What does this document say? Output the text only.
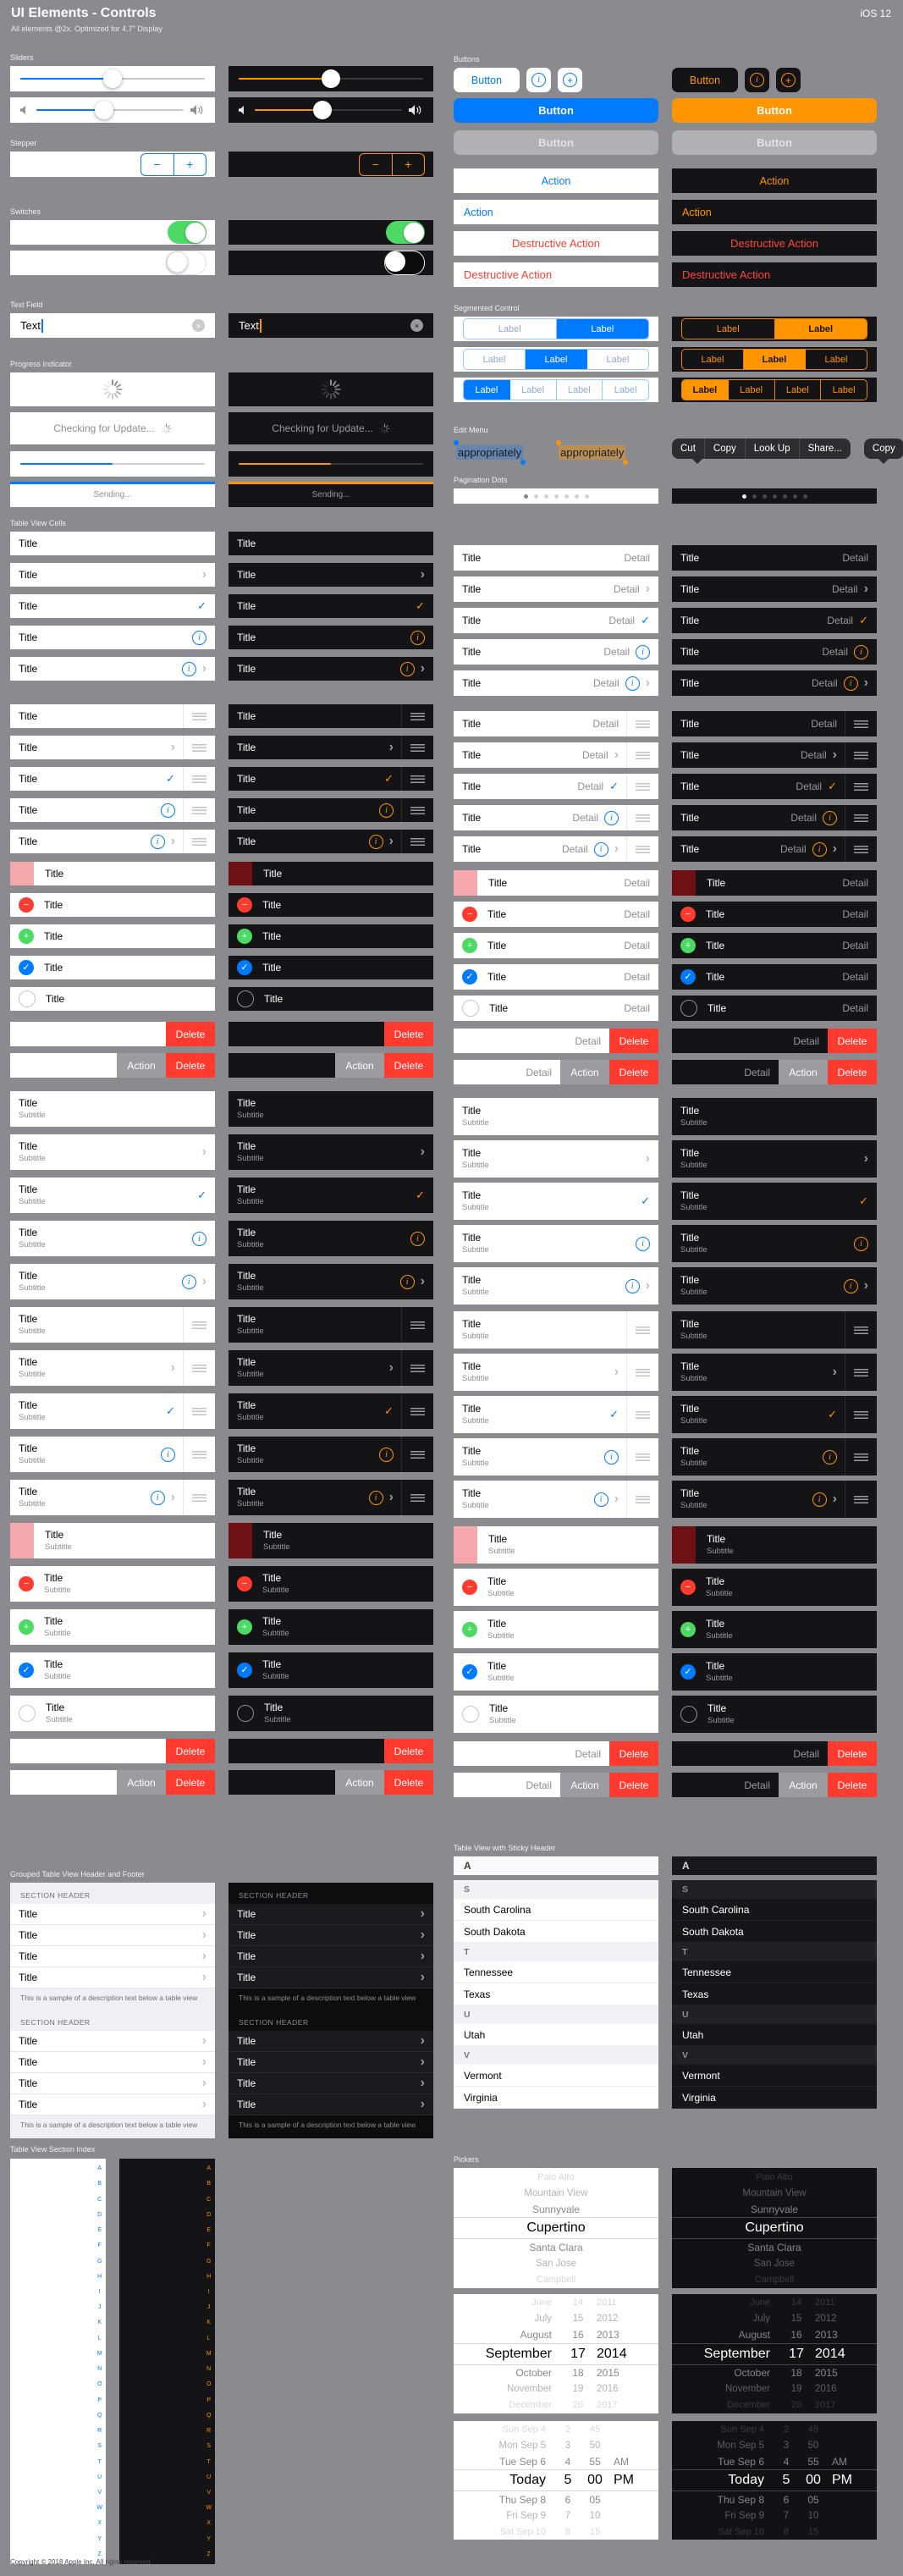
UI Elements - Controls
All elements @2x. Optimized for 4.7" Display
iOS 12
Sliders
Stepper
−	+
Switches
Text Field
Text	×
Progress Indicator
Checking for Update...
Sending...
Table View Cells
Title
Title	›
Title	✓
Title	i
Title	i ›
Title
Title	›
Title	✓
Title	i
Title	i ›
Title
−	Title
+	Title
✓	Title
Title
Delete
Action	Delete
Title
Subtitle
Title
Subtitle	›
Title
Subtitle
✓
Title
Subtitle
i
Title
Subtitle
i ›
Title
Subtitle
Title
Subtitle	›
Title
Subtitle
✓
Title
Subtitle
i
Title
Subtitle
i ›
Title
Subtitle
−	Title
Subtitle
+	Title
Subtitle
✓	Title
Subtitle
Title
Subtitle
Delete
Action	Delete
Grouped Table View Header and Footer
SECTION HEADER
Title	›
Title	›
Title	›
Title	›
This is a sample of a description text below a table view
SECTION HEADER
Title	›
Title	›
Title	›
Title	›
This is a sample of a description text below a table view
Table View Section Index
A
B
C
D
E
F
G
H
I
J
K
L
M
N
O
P
Q
R
S
T
U
V
W
X
Y
Z
A
B
C
D
E
F
G
H
I
J
K
L
M
N
O
P
Q
R
S
T
U
V
W
X
Y
Z
Buttons
Button	i	+
Button
Button
Action
Action
Destructive Action
Destructive Action
Segmented Control
Label	Label
Label	Label	Label
Label	Label	Label	Label
Edit Menu
appropriately	appropriately
Pagination Dots
Title	Detail
Title	Detail ›
Title	Detail ✓
Title	Detail	i
Title	Detail	i ›
Title	Detail
Title	Detail ›
Title	Detail ✓
Title	Detail	i
Title	Detail	i ›
Title	Detail
−	Title	Detail
+	Title	Detail
✓	Title	Detail
Title	Detail
Detail	Delete
Detail	Action	Delete
Title
Subtitle
Title
Subtitle	›
Title
Subtitle
✓
Title
Subtitle
i
Title
Subtitle
i ›
Title
Subtitle
Title
Subtitle	›
Title
Subtitle
✓
Title
Subtitle
i
Title
Subtitle
i ›
Title
Subtitle
−	Title
Subtitle
+	Title
Subtitle
✓	Title
Subtitle
Title
Subtitle
Detail	Delete
Detail	Action	Delete
Table View with Sticky Header
A
S
South Carolina
South Dakota
T
Tennessee
Texas
U
Utah
V
Vermont
Virginia
Pickers
Palo Alto
Mountain View
Sunnyvale
Cupertino
Santa Clara
San Jose
Campbell
June	14	2011
July	15	2012
August	16	2013
September	17 2014
October	18	2015
November	19	2016
December	20	2017
Sun Sep 4	2	45
Mon Sep 5	3	50
Tue Sep 6	4	55	AM
Today	5	00 PM
Thu Sep 8	6	05
Fri Sep 9	7	10
Sat Sep 10	8	15
Copyright © 2018 Apple Inc. All rights reserved.
−	+
Text	×
Checking for Update...
Sending...
Title
Title	›
Title	✓
Title	i
Title	i ›
Title
Title	›
Title	✓
Title	i
Title	i ›
Title
−	Title
+	Title
✓	Title
Title
Delete
Action	Delete
Title
Subtitle
Title
Subtitle	›
Title
Subtitle
✓
Title
Subtitle
i
Title
Subtitle
i ›
Title
Subtitle
Title
Subtitle	›
Title
Subtitle
✓
Title
Subtitle
i
Title
Subtitle
i ›
Title
Subtitle
−	Title
Subtitle
+	Title
Subtitle
✓	Title
Subtitle
Title
Subtitle
Delete
Action	Delete
SECTION HEADER
Title	›
Title	›
Title	›
Title	›
This is a sample of a description text below a table view
SECTION HEADER
Title	›
Title	›
Title	›
Title	›
This is a sample of a description text below a table view
Button	i	+
Button
Button
Action
Action
Destructive Action
Destructive Action
Label	Label
Label	Label	Label
Label	Label	Label	Label
Cut	Copy	Look Up	Share...	Copy
Title	Detail
Title	Detail ›
Title	Detail ✓
Title	Detail	i
Title	Detail	i ›
Title	Detail
Title	Detail ›
Title	Detail ✓
Title	Detail	i
Title	Detail	i ›
Title	Detail
−	Title	Detail
+	Title	Detail
✓	Title	Detail
Title	Detail
Detail	Delete
Detail	Action	Delete
Title
Subtitle
Title
Subtitle	›
Title
Subtitle
✓
Title
Subtitle
i
Title
Subtitle
i ›
Title
Subtitle
Title
Subtitle	›
Title
Subtitle
✓
Title
Subtitle
i
Title
Subtitle
i ›
Title
Subtitle
−	Title
Subtitle
+	Title
Subtitle
✓	Title
Subtitle
Title
Subtitle
Detail	Delete
Detail	Action	Delete
A
S
South Carolina
South Dakota
T
Tennessee
Texas
U
Utah
V
Vermont
Virginia
Palo Alto
Mountain View
Sunnyvale
Cupertino
Santa Clara
San Jose
Campbell
June	14	2011
July	15	2012
August	16	2013
September	17 2014
October	18	2015
November	19	2016
December	20	2017
Sun Sep 4	2	45
Mon Sep 5	3	50
Tue Sep 6	4	55	AM
Today	5	00 PM
Thu Sep 8	6	05
Fri Sep 9	7	10
Sat Sep 10	8	15
